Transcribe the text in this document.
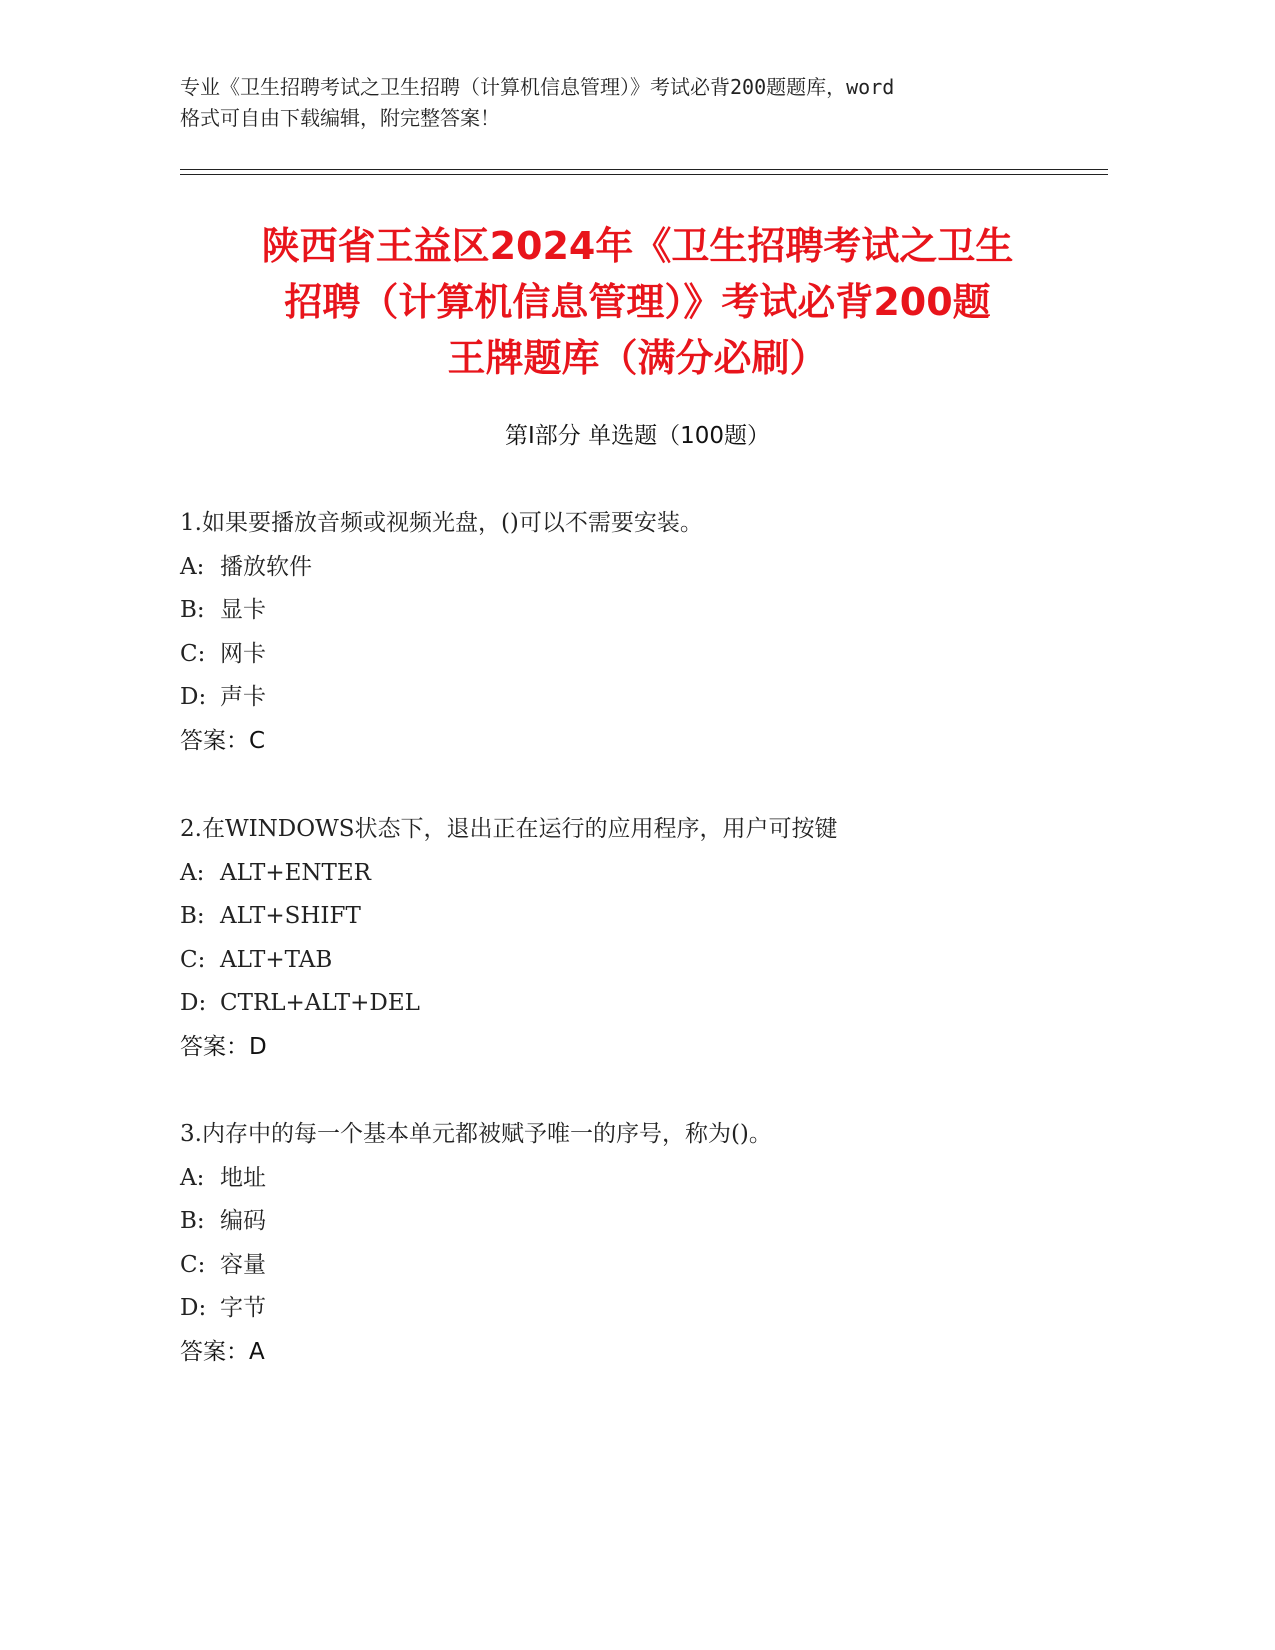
专业《卫生招聘考试之卫生招聘（计算机信息管理）》考试必背200题题库，word

格式可自由下载编辑，附完整答案！

陕西省王益区2024年《卫生招聘考试之卫生
招聘（计算机信息管理）》考试必背200题
王牌题库（满分必刷）
第Ⅰ部分 单选题（100题）
1.如果要播放音频或视频光盘，()可以不需要安装。
A: 播放软件
B: 显卡
C: 网卡
D: 声卡
答案：C
2.在WINDOWS状态下，退出正在运行的应用程序，用户可按键
A: ALT+ENTER
B: ALT+SHIFT
C: ALT+TAB
D: CTRL+ALT+DEL
答案：D
3.内存中的每一个基本单元都被赋予唯一的序号，称为()。
A: 地址
B: 编码
C: 容量
D: 字节
答案：A
